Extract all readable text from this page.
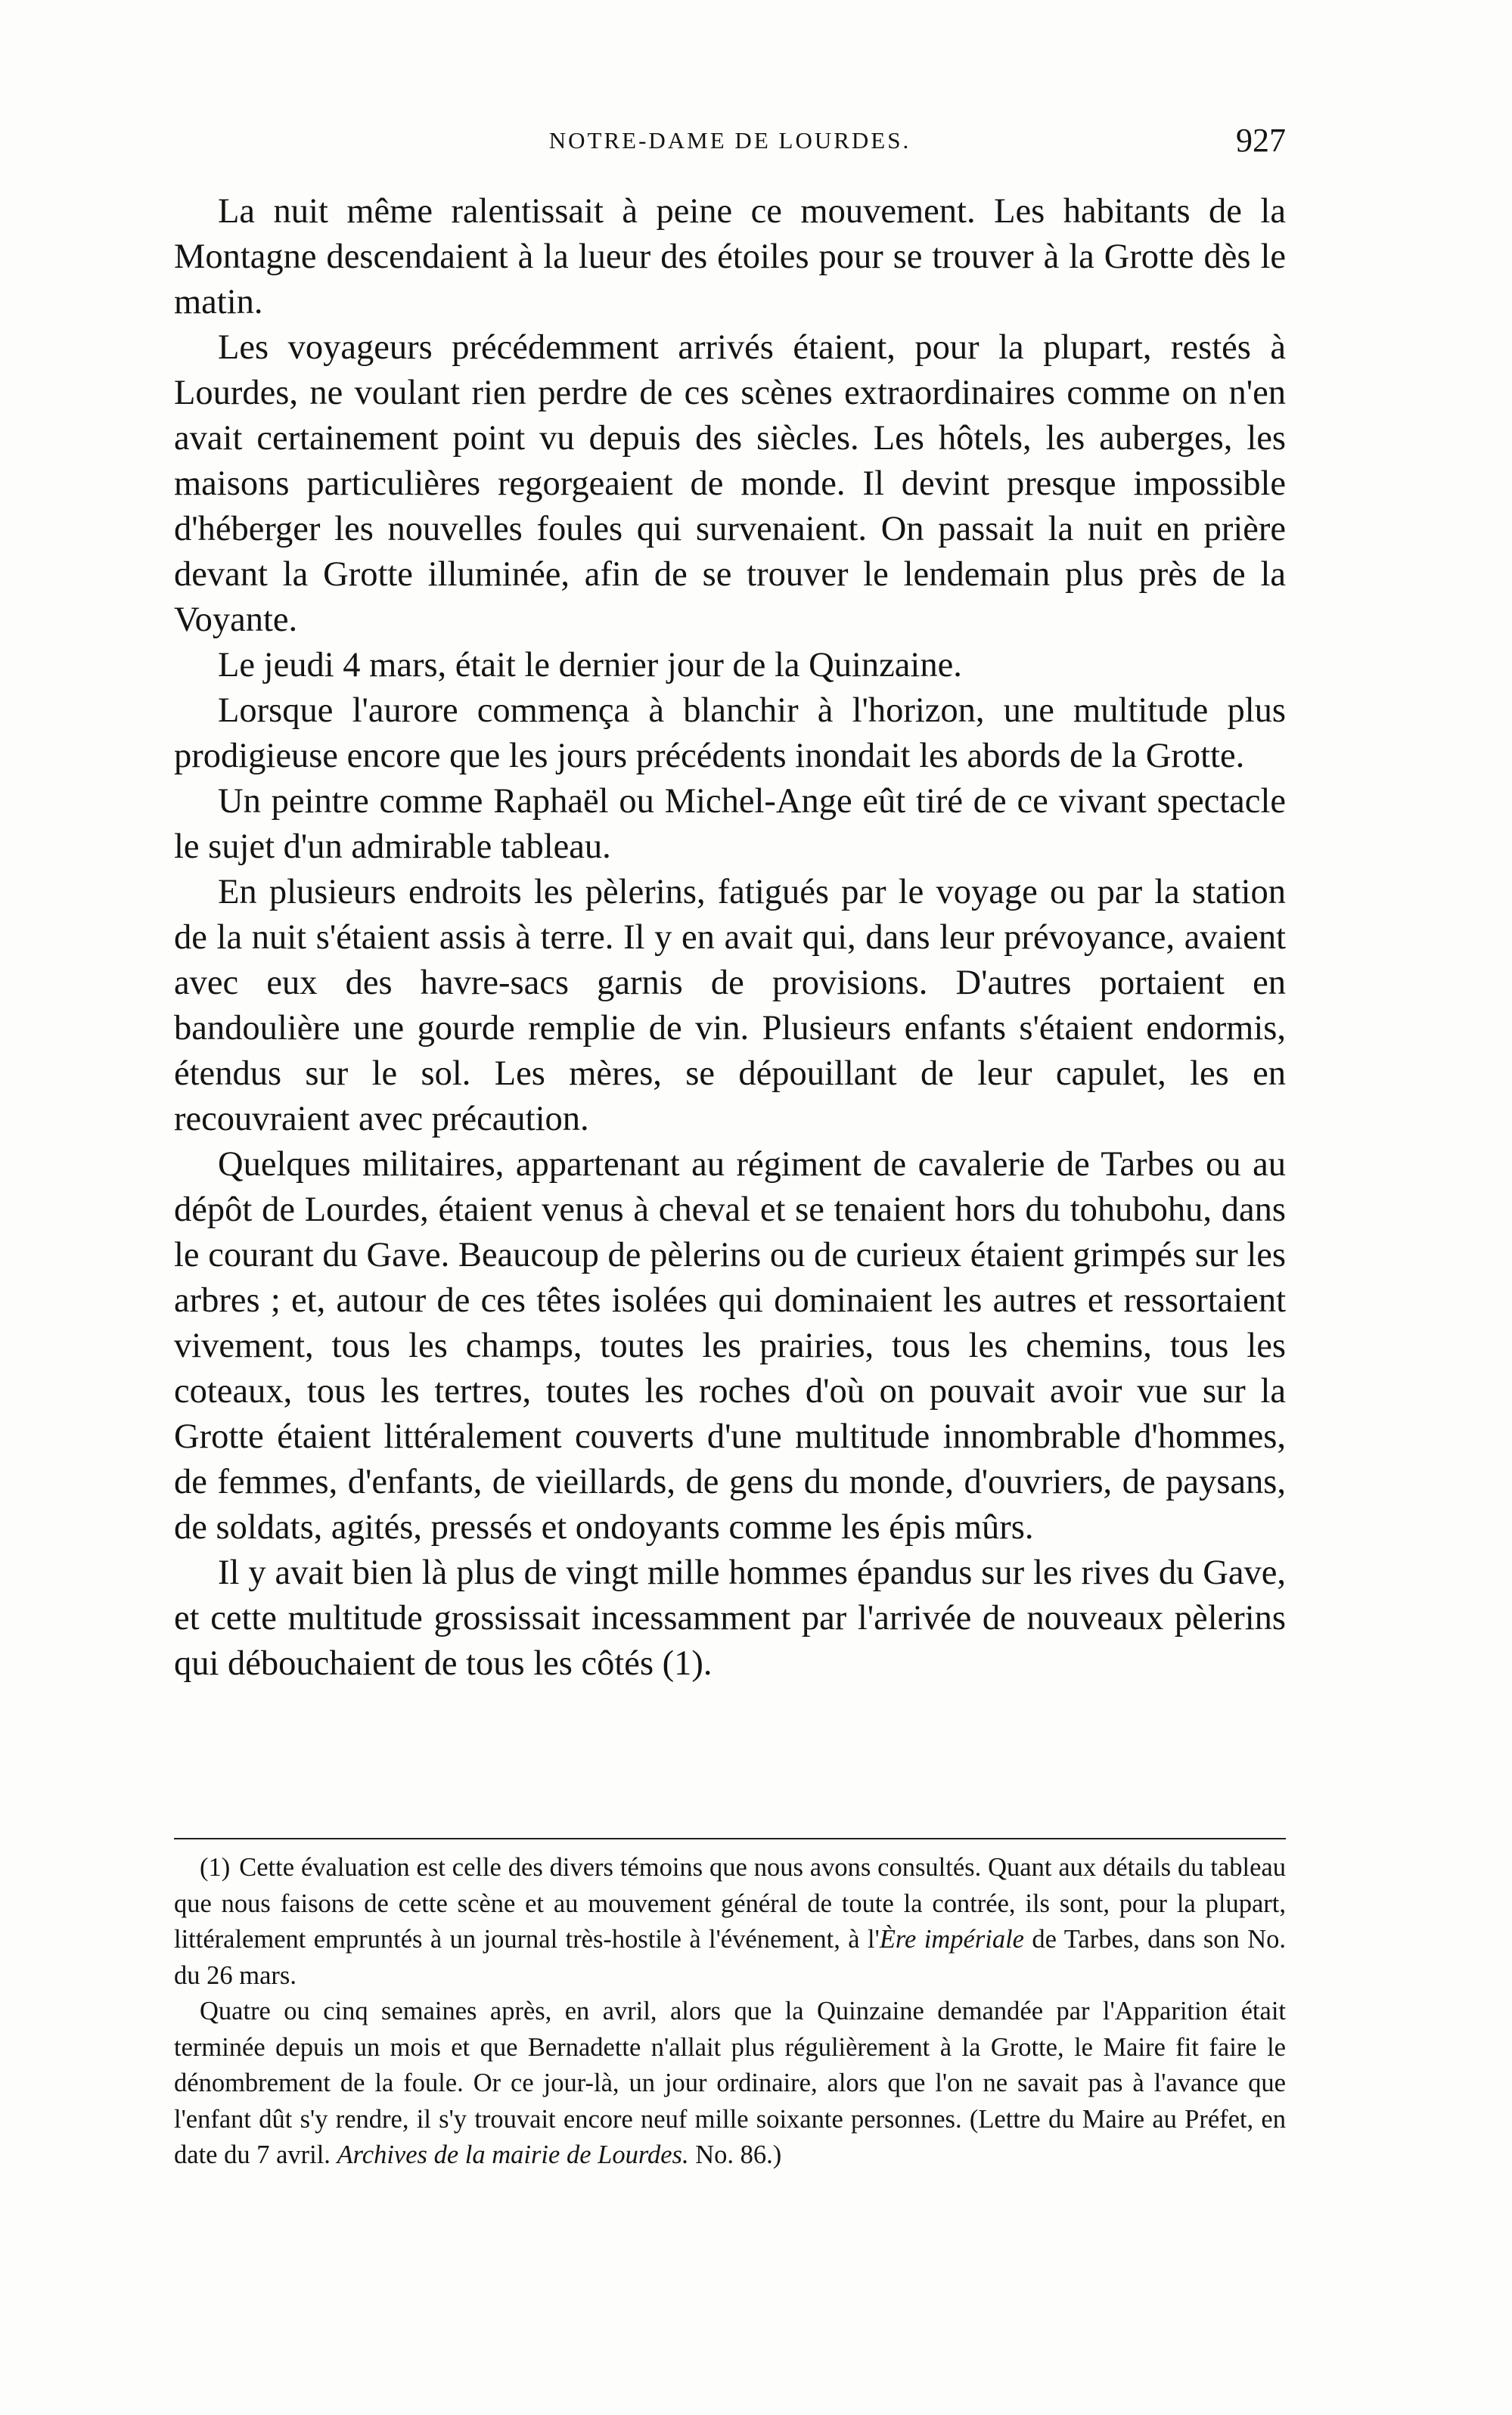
NOTRE-DAME DE LOURDES.	927

La nuit même ralentissait à peine ce mouvement. Les habitants de la Montagne descendaient à la lueur des étoiles pour se trouver à la Grotte dès le matin.

Les voyageurs précédemment arrivés étaient, pour la plupart, restés à Lourdes, ne voulant rien perdre de ces scènes extraordinaires comme on n'en avait certainement point vu depuis des siècles. Les hôtels, les auberges, les maisons particulières regorgeaient de monde. Il devint presque impossible d'héberger les nouvelles foules qui survenaient. On passait la nuit en prière devant la Grotte illuminée, afin de se trouver le lendemain plus près de la Voyante.

Le jeudi 4 mars, était le dernier jour de la Quinzaine.

Lorsque l'aurore commença à blanchir à l'horizon, une multitude plus prodigieuse encore que les jours précédents inondait les abords de la Grotte.

Un peintre comme Raphaël ou Michel-Ange eût tiré de ce vivant spectacle le sujet d'un admirable tableau.

En plusieurs endroits les pèlerins, fatigués par le voyage ou par la station de la nuit s'étaient assis à terre. Il y en avait qui, dans leur prévoyance, avaient avec eux des havre-sacs garnis de provisions. D'autres portaient en bandoulière une gourde remplie de vin. Plusieurs enfants s'étaient endormis, étendus sur le sol. Les mères, se dépouillant de leur capulet, les en recouvraient avec précaution.

Quelques militaires, appartenant au régiment de cavalerie de Tarbes ou au dépôt de Lourdes, étaient venus à cheval et se tenaient hors du tohubohu, dans le courant du Gave. Beaucoup de pèlerins ou de curieux étaient grimpés sur les arbres ; et, autour de ces têtes isolées qui dominaient les autres et ressortaient vivement, tous les champs, toutes les prairies, tous les chemins, tous les coteaux, tous les tertres, toutes les roches d'où on pouvait avoir vue sur la Grotte étaient littéralement couverts d'une multitude innombrable d'hommes, de femmes, d'enfants, de vieillards, de gens du monde, d'ouvriers, de paysans, de soldats, agités, pressés et ondoyants comme les épis mûrs.

Il y avait bien là plus de vingt mille hommes épandus sur les rives du Gave, et cette multitude grossissait incessamment par l'arrivée de nouveaux pèlerins qui débouchaient de tous les côtés (1).

(1) Cette évaluation est celle des divers témoins que nous avons consultés. Quant aux détails du tableau que nous faisons de cette scène et au mouvement général de toute la contrée, ils sont, pour la plupart, littéralement empruntés à un journal très-hostile à l'événement, à l'Ère impériale de Tarbes, dans son No. du 26 mars.

Quatre ou cinq semaines après, en avril, alors que la Quinzaine demandée par l'Apparition était terminée depuis un mois et que Bernadette n'allait plus régulièrement à la Grotte, le Maire fit faire le dénombrement de la foule. Or ce jour-là, un jour ordinaire, alors que l'on ne savait pas à l'avance que l'enfant dût s'y rendre, il s'y trouvait encore neuf mille soixante personnes. (Lettre du Maire au Préfet, en date du 7 avril. Archives de la mairie de Lourdes. No. 86.)
